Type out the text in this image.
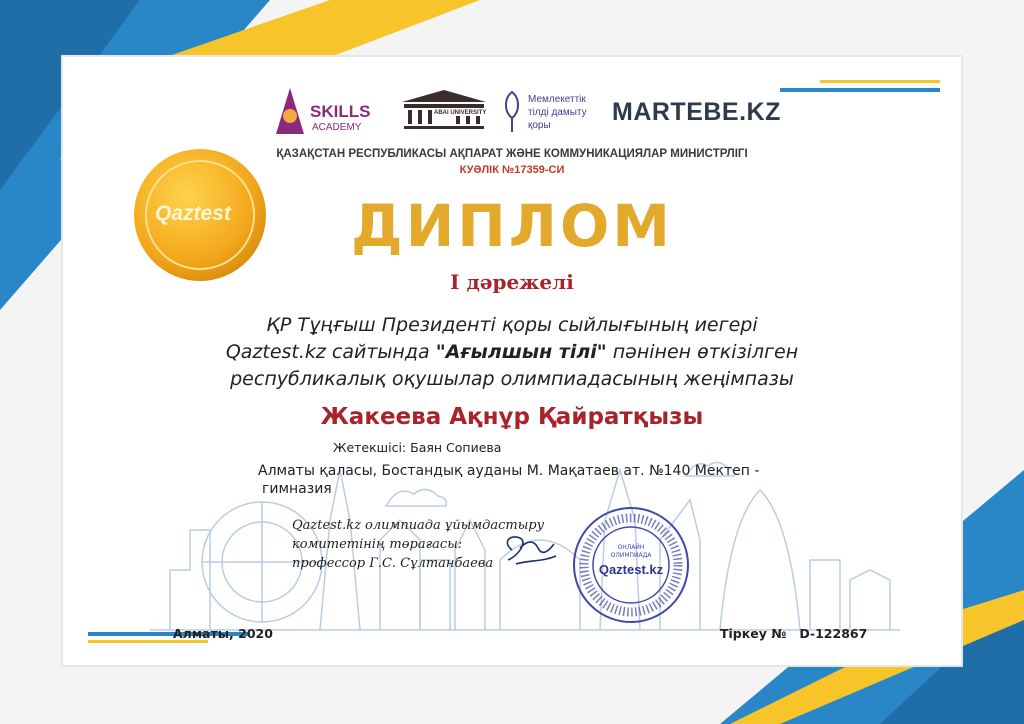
SKILLS
ACADEMY
ABAI UNIVERSITY
Мемлекеттік
тілді дамыту
қоры MARTEBE.KZ
ҚАЗАҚСТАН РЕСПУБЛИКАСЫ АҚПАРАТ ЖӘНЕ КОММУНИКАЦИЯЛАР МИНИСТРЛІГІ
КУӘЛІК №17359-СИ
Qaztest	ДИПЛОМ
I дәрежелі
ҚР Тұңғыш Президенті қоры сыйлығының иегері
Qaztest.kz сайтында "Ағылшын тілі" пәнінен өткізілген
республикалық оқушылар олимпиадасының жеңімпазы
Жакеева Ақнұр Қайратқызы
Жетекшісі: Баян Сопиева
Алматы қаласы, Бостандық ауданы М. Мақатаев ат. №140 Мектеп -
гимназия
Qaztest.kz олимпиада ұйымдастыру
комитетінің төрағасы:
профессор Г.С. Сұлтанбаева
ОНЛАЙН
ОЛИМПИАДА
Qaztest.kz
Алматы, 2020	Тіркеу №   D-122867
